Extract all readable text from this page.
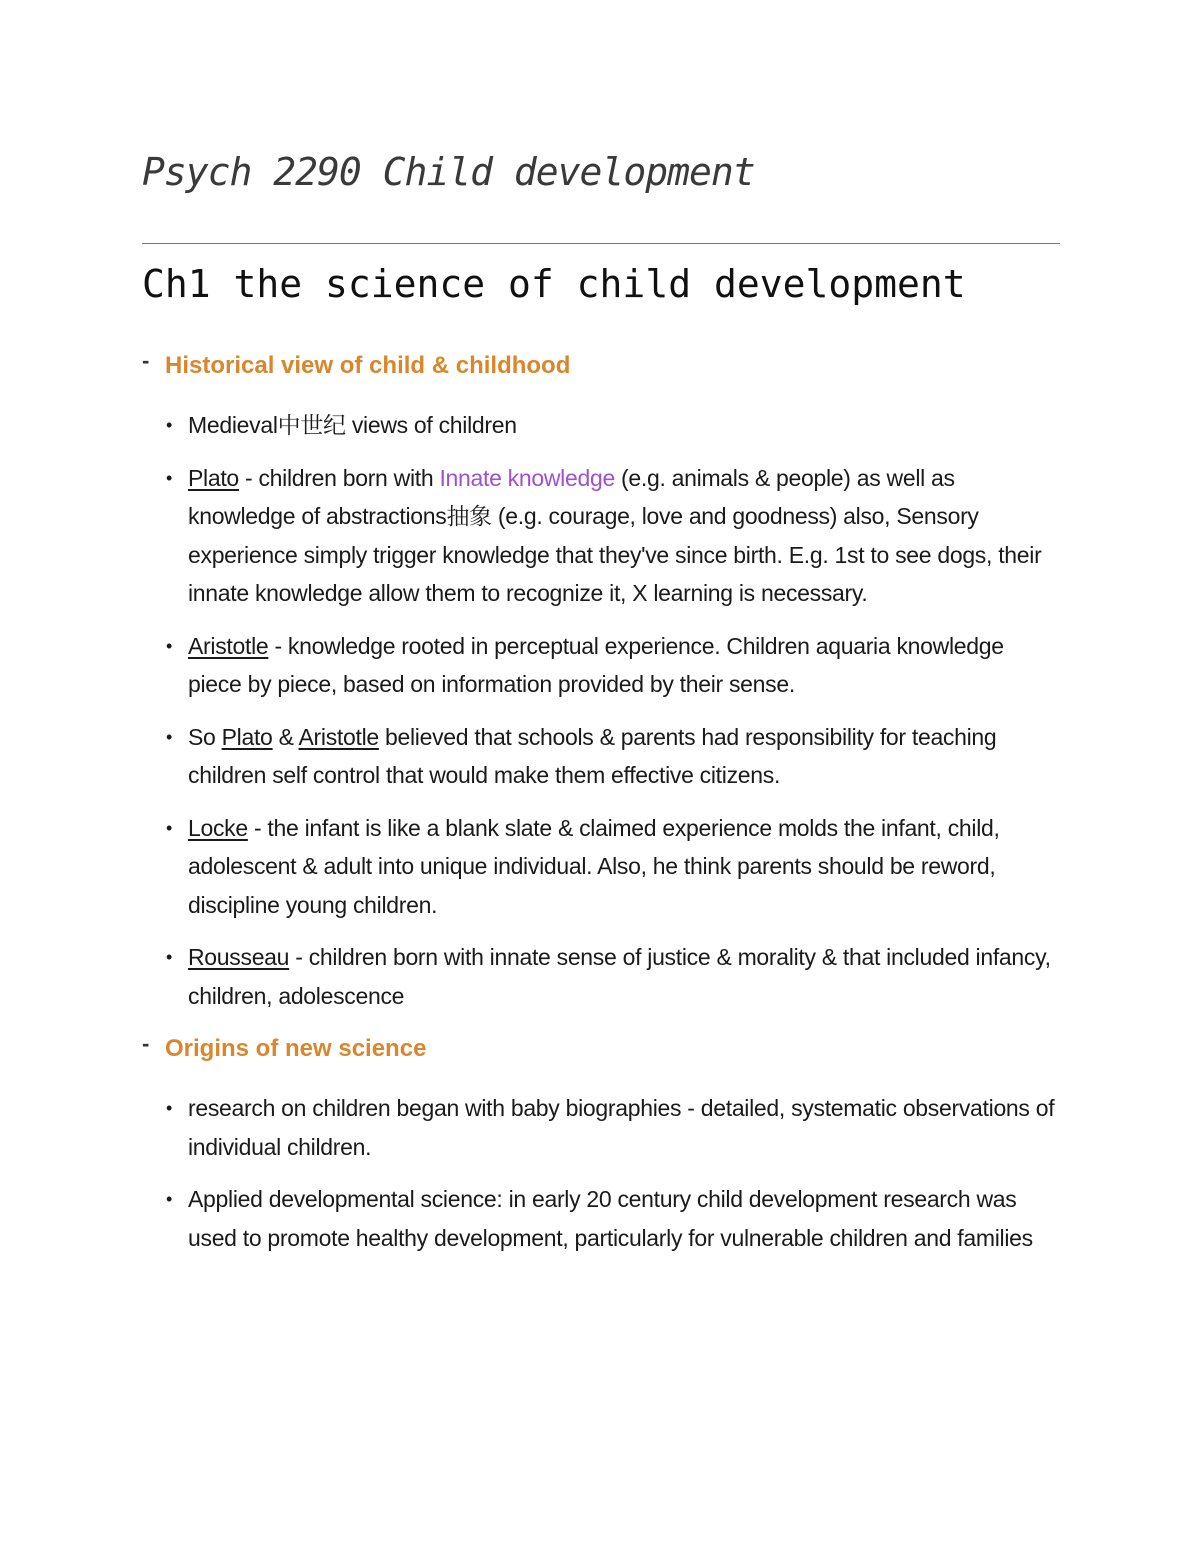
Psych 2290 Child development
Ch1 the science of child development
- Historical view of child & childhood
• Medieval中世纪 views of children
• Plato - children born with Innate knowledge (e.g. animals & people) as well as knowledge of abstractions抽象 (e.g. courage, love and goodness) also, Sensory experience simply trigger knowledge that they've since birth. E.g. 1st to see dogs, their innate knowledge allow them to recognize it, X learning is necessary.
• Aristotle - knowledge rooted in perceptual experience. Children aquaria knowledge piece by piece, based on information provided by their sense.
• So Plato & Aristotle believed that schools & parents had responsibility for teaching children self control that would make them effective citizens.
• Locke - the infant is like a blank slate & claimed experience molds the infant, child, adolescent & adult into unique individual. Also, he think parents should be reword, discipline young children.
• Rousseau - children born with innate sense of justice & morality & that included infancy, children, adolescence
- Origins of new science
• research on children began with baby biographies - detailed, systematic observations of individual children.
• Applied developmental science: in early 20 century child development research was used to promote healthy development, particularly for vulnerable children and families
